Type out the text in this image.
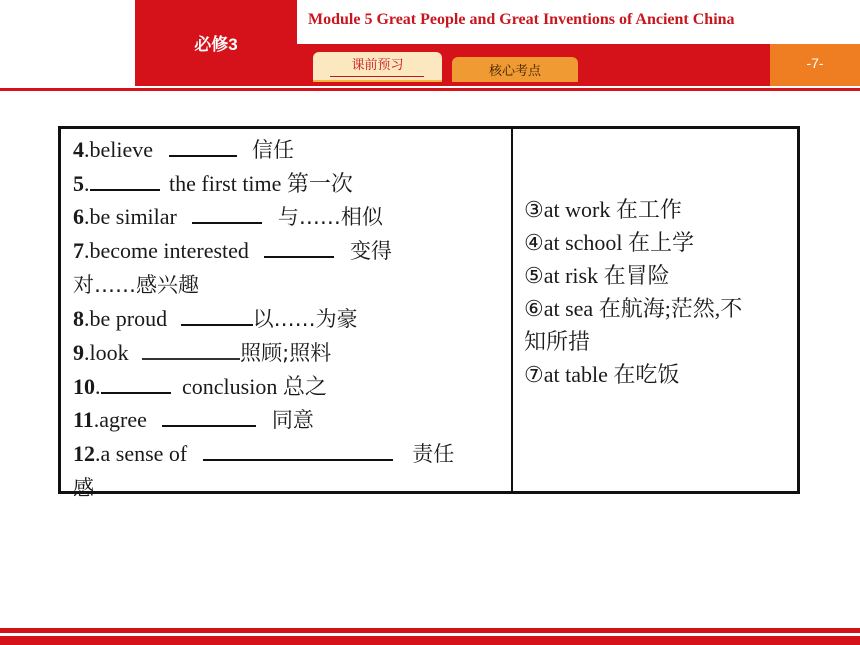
必修3
Module 5 Great People and Great Inventions of Ancient China
-7-
课前预习	核心考点
4.believe	信任
5.	the first time 第一次
6.be similar	与……相似
7.become interested	变得
对……感兴趣
8.be proud	以……为豪
9.look	照顾;照料
10.	conclusion 总之
11.agree	同意
12.a sense of	责任
感
③at work 在工作
④at school 在上学
⑤at risk 在冒险
⑥at sea 在航海;茫然,不
知所措
⑦at table 在吃饭
